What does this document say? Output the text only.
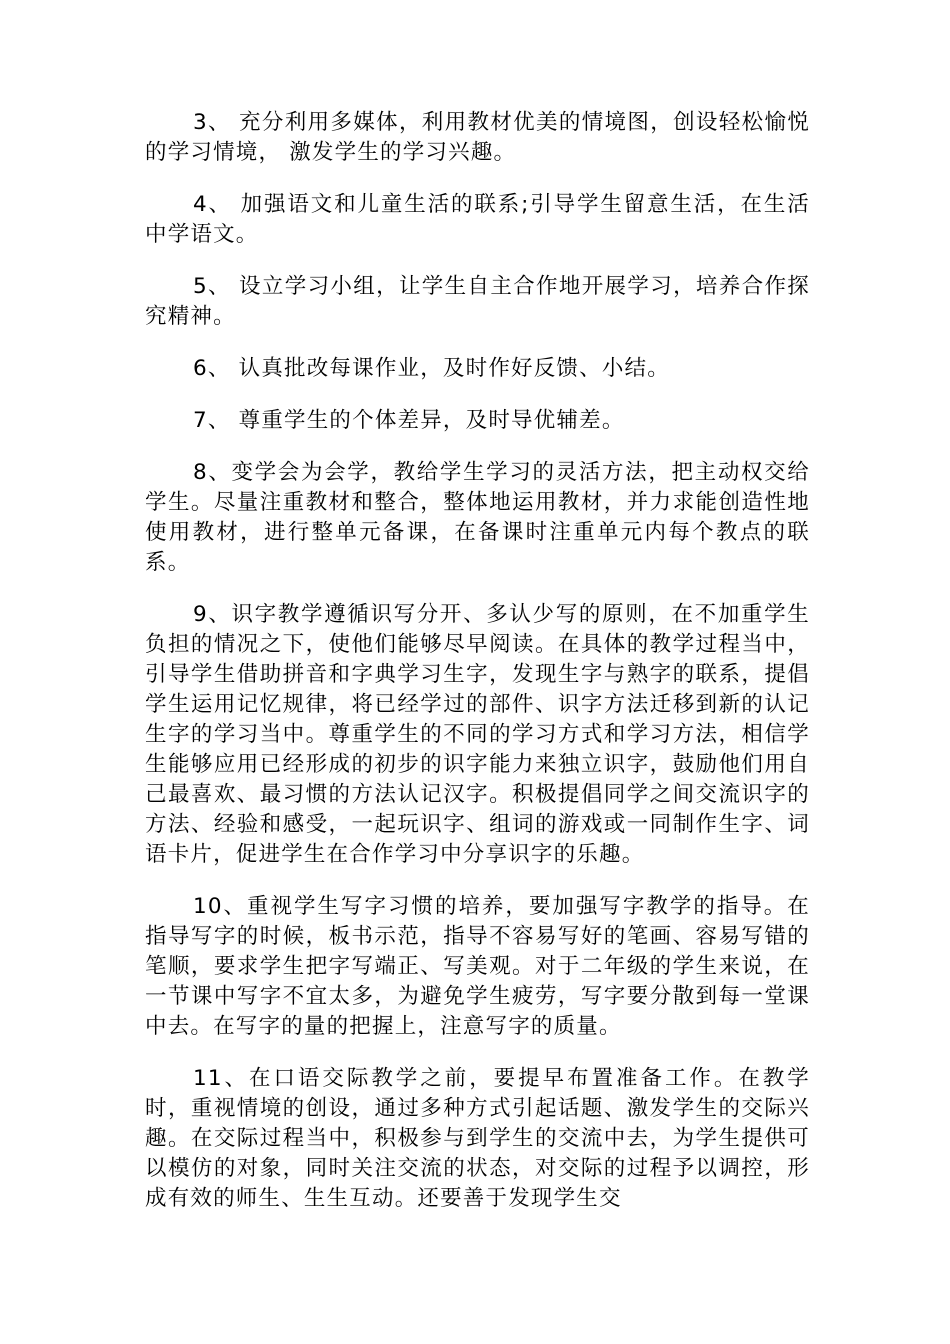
3、 充分利用多媒体，利用教材优美的情境图，创设轻松愉悦的学习情境， 激发学生的学习兴趣。

4、 加强语文和儿童生活的联系;引导学生留意生活，在生活中学语文。

5、 设立学习小组，让学生自主合作地开展学习，培养合作探究精神。

6、 认真批改每课作业，及时作好反馈、小结。

7、 尊重学生的个体差异，及时导优辅差。

8、变学会为会学，教给学生学习的灵活方法，把主动权交给学生。尽量注重教材和整合，整体地运用教材，并力求能创造性地使用教材，进行整单元备课，在备课时注重单元内每个教点的联系。

9、识字教学遵循识写分开、多认少写的原则，在不加重学生负担的情况之下，使他们能够尽早阅读。在具体的教学过程当中，引导学生借助拼音和字典学习生字，发现生字与熟字的联系，提倡学生运用记忆规律，将已经学过的部件、识字方法迁移到新的认记生字的学习当中。尊重学生的不同的学习方式和学习方法，相信学生能够应用已经形成的初步的识字能力来独立识字，鼓励他们用自己最喜欢、最习惯的方法认记汉字。积极提倡同学之间交流识字的方法、经验和感受，一起玩识字、组词的游戏或一同制作生字、词语卡片，促进学生在合作学习中分享识字的乐趣。

10、重视学生写字习惯的培养，要加强写字教学的指导。在指导写字的时候，板书示范，指导不容易写好的笔画、容易写错的笔顺，要求学生把字写端正、写美观。对于二年级的学生来说，在一节课中写字不宜太多，为避免学生疲劳，写字要分散到每一堂课中去。在写字的量的把握上，注意写字的质量。

11、在口语交际教学之前，要提早布置准备工作。在教学时，重视情境的创设，通过多种方式引起话题、激发学生的交际兴趣。在交际过程当中，积极参与到学生的交流中去，为学生提供可以模仿的对象，同时关注交流的状态，对交际的过程予以调控，形成有效的师生、生生互动。还要善于发现学生交
